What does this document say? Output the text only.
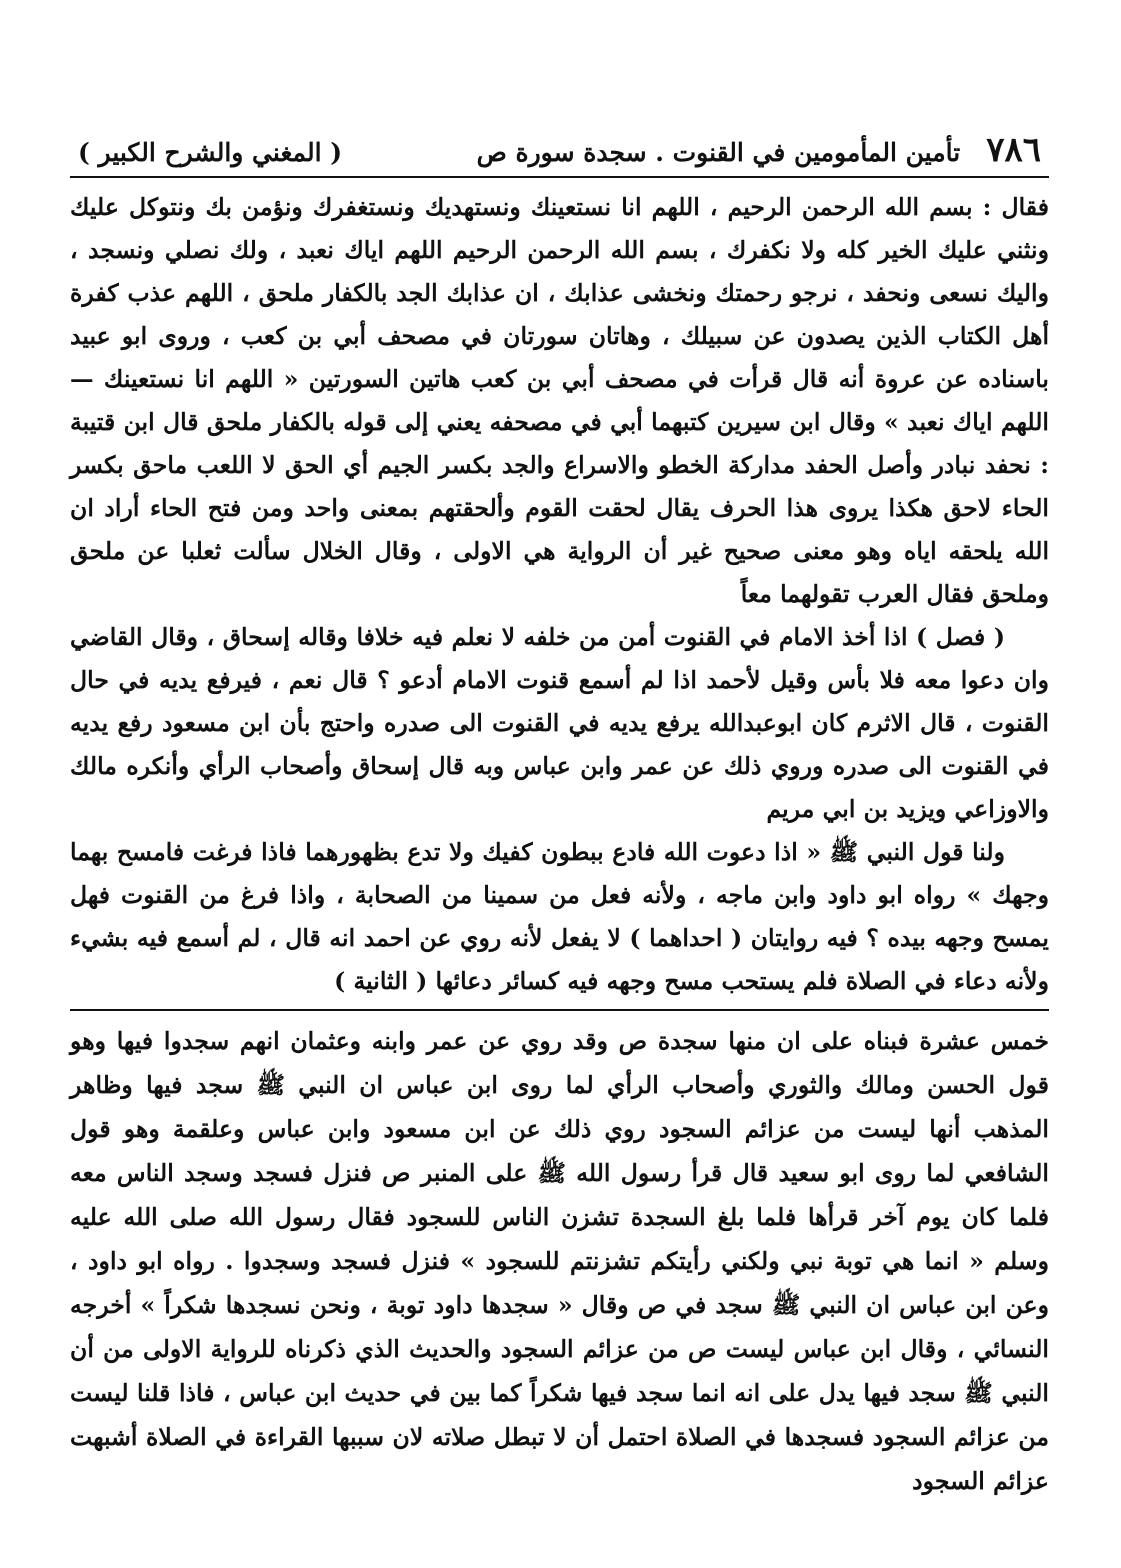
٧٨٦
تأمين المأمومين في القنوت . سجدة سورة ص
( المغني والشرح الكبير )

فقال : بسم الله الرحمن الرحيم ، اللهم انا نستعينك ونستهديك ونستغفرك ونؤمن بك ونتوكل عليك ونثني عليك الخير كله ولا نكفرك ، بسم الله الرحمن الرحيم اللهم اياك نعبد ، ولك نصلي ونسجد ، واليك نسعى ونحفد ، نرجو رحمتك ونخشى عذابك ، ان عذابك الجد بالكفار ملحق ، اللهم عذب كفرة أهل الكتاب الذين يصدون عن سبيلك ، وهاتان سورتان في مصحف أبي بن كعب ، وروى ابو عبيد باسناده عن عروة أنه قال قرأت في مصحف أبي بن كعب هاتين السورتين « اللهم انا نستعينك — اللهم اياك نعبد » وقال ابن سيرين كتبهما أبي في مصحفه يعني إلى قوله بالكفار ملحق قال ابن قتيبة : نحفد نبادر وأصل الحفد مداركة الخطو والاسراع والجد بكسر الجيم أي الحق لا اللعب ماحق بكسر الحاء لاحق هكذا يروى هذا الحرف يقال لحقت القوم وألحقتهم بمعنى واحد ومن فتح الحاء أراد ان الله يلحقه اياه وهو معنى صحيح غير أن الرواية هي الاولى ، وقال الخلال سألت ثعلبا عن ملحق وملحق فقال العرب تقولهما معاً

( فصل ) اذا أخذ الامام في القنوت أمن من خلفه لا نعلم فيه خلافا وقاله إسحاق ، وقال القاضي وان دعوا معه فلا بأس وقيل لأحمد اذا لم أسمع قنوت الامام أدعو ؟ قال نعم ، فيرفع يديه في حال القنوت ، قال الاثرم كان ابوعبدالله يرفع يديه في القنوت الى صدره واحتج بأن ابن مسعود رفع يديه في القنوت الى صدره وروي ذلك عن عمر وابن عباس وبه قال إسحاق وأصحاب الرأي وأنكره مالك والاوزاعي ويزيد بن ابي مريم

ولنا قول النبي ﷺ « اذا دعوت الله فادع ببطون كفيك ولا تدع بظهورهما فاذا فرغت فامسح بهما وجهك » رواه ابو داود وابن ماجه ، ولأنه فعل من سمينا من الصحابة ، واذا فرغ من القنوت فهل يمسح وجهه بيده ؟ فيه روايتان ( احداهما ) لا يفعل لأنه روي عن احمد انه قال ، لم أسمع فيه بشيء ولأنه دعاء في الصلاة فلم يستحب مسح وجهه فيه كسائر دعائها ( الثانية )

خمس عشرة فبناه على ان منها سجدة ص وقد روي عن عمر وابنه وعثمان انهم سجدوا فيها وهو قول الحسن ومالك والثوري وأصحاب الرأي لما روى ابن عباس ان النبي ﷺ سجد فيها وظاهر المذهب أنها ليست من عزائم السجود روي ذلك عن ابن مسعود وابن عباس وعلقمة وهو قول الشافعي لما روى ابو سعيد قال قرأ رسول الله ﷺ على المنبر ص فنزل فسجد وسجد الناس معه فلما كان يوم آخر قرأها فلما بلغ السجدة تشزن الناس للسجود فقال رسول الله صلى الله عليه وسلم « انما هي توبة نبي ولكني رأيتكم تشزنتم للسجود » فنزل فسجد وسجدوا . رواه ابو داود ، وعن ابن عباس ان النبي ﷺ سجد في ص وقال « سجدها داود توبة ، ونحن نسجدها شكراً » أخرجه النسائي ، وقال ابن عباس ليست ص من عزائم السجود والحديث الذي ذكرناه للرواية الاولى من أن النبي ﷺ سجد فيها يدل على انه انما سجد فيها شكراً كما بين في حديث ابن عباس ، فاذا قلنا ليست من عزائم السجود فسجدها في الصلاة احتمل أن لا تبطل صلاته لان سببها القراءة في الصلاة أشبهت عزائم السجود
